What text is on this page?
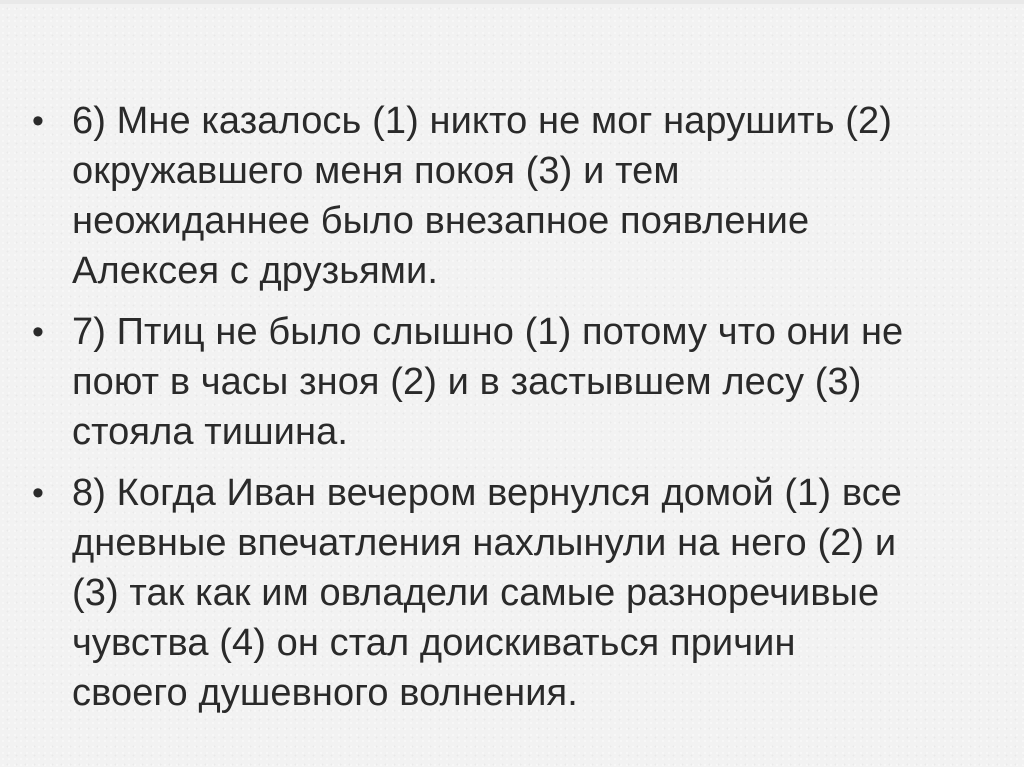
• 6) Мне казалось (1) никто не мог нарушить (2)
окружавшего меня покоя (3) и тем
неожиданнее было внезапное появление
Алексея с друзьями.
• 7) Птиц не было слышно (1) потому что они не
поют в часы зноя (2) и в застывшем лесу (3)
стояла тишина.
• 8) Когда Иван вечером вернулся домой (1) все
дневные впечатления нахлынули на него (2) и
(3) так как им овладели самые разноречивые
чувства (4) он стал доискиваться причин
своего душевного волнения.
